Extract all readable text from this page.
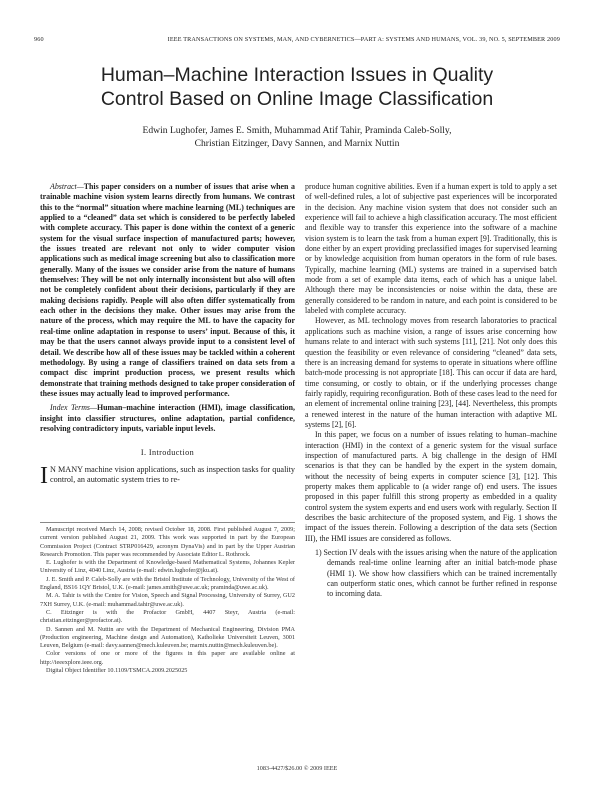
960	IEEE TRANSACTIONS ON SYSTEMS, MAN, AND CYBERNETICS—PART A: SYSTEMS AND HUMANS, VOL. 39, NO. 5, SEPTEMBER 2009
Human–Machine Interaction Issues in Quality
Control Based on Online Image Classification
Edwin Lughofer, James E. Smith, Muhammad Atif Tahir, Praminda Caleb-Solly,
Christian Eitzinger, Davy Sannen, and Marnix Nuttin

Abstract—This paper considers on a number of issues that arise when a trainable machine vision system learns directly from humans. We contrast this to the “normal” situation where machine learning (ML) techniques are applied to a “cleaned” data set which is considered to be perfectly labeled with complete accuracy. This paper is done within the context of a generic system for the visual surface inspection of manufactured parts; however, the issues treated are relevant not only to wider computer vision applications such as medical image screening but also to classification more generally. Many of the issues we consider arise from the nature of humans themselves: They will be not only internally inconsistent but also will often not be completely confident about their decisions, particularly if they are making decisions rapidly. People will also often differ systematically from each other in the decisions they make. Other issues may arise from the nature of the process, which may require the ML to have the capacity for real-time online adaptation in response to users’ input. Because of this, it may be that the users cannot always provide input to a consistent level of detail. We describe how all of these issues may be tackled within a coherent methodology. By using a range of classifiers trained on data sets from a compact disc imprint production process, we present results which demonstrate that training methods designed to take proper consideration of these issues may actually lead to improved performance.

Index Terms—Human–machine interaction (HMI), image classification, insight into classifier structures, online adaptation, partial confidence, resolving contradictory inputs, variable input levels.

I. Introduction

I N MANY machine vision applications, such as inspection tasks for quality control, an automatic system tries to re-

Manuscript received March 14, 2008; revised October 18, 2008. First published August 7, 2009; current version published August 21, 2009. This work was supported in part by the European Commission Project (Contract STRP016429, acronym DynaVis) and in part by the Upper Austrian Research Promotion. This paper was recommended by Associate Editor L. Rothrock.

E. Lughofer is with the Department of Knowledge-based Mathematical Systems, Johannes Kepler University of Linz, 4040 Linz, Austria (e-mail: edwin.lughofer@jku.at).

J. E. Smith and P. Caleb-Solly are with the Bristol Institute of Technology, University of the West of England, BS16 1QY Bristol, U.K. (e-mail: james.smith@uwe.ac.uk; praminda@uwe.ac.uk).

M. A. Tahir is with the Centre for Vision, Speech and Signal Processing, University of Surrey, GU2 7XH Surrey, U.K. (e-mail: muhammad.tahir@uwe.ac.uk).

C. Eitzinger is with the Profactor GmbH, 4407 Steyr, Austria (e-mail: christian.eitzinger@profactor.at).

D. Sannen and M. Nuttin are with the Department of Mechanical Engineering, Division PMA (Production engineering, Machine design and Automation), Katholieke Universiteit Leuven, 3001 Leuven, Belgium (e-mail: davy.sannen@mech.kuleuven.be; marnix.nuttin@mech.kuleuven.be).

Color versions of one or more of the figures in this paper are available online at http://ieeexplore.ieee.org.

Digital Object Identifier 10.1109/TSMCA.2009.2025025

produce human cognitive abilities. Even if a human expert is told to apply a set of well-defined rules, a lot of subjective past experiences will be incorporated in the decision. Any machine vision system that does not consider such an experience will fail to achieve a high classification accuracy. The most efficient and flexible way to transfer this experience into the software of a machine vision system is to learn the task from a human expert [9]. Traditionally, this is done either by an expert providing preclassified images for supervised learning or by knowledge acquisition from human operators in the form of rule bases. Typically, machine learning (ML) systems are trained in a supervised batch mode from a set of example data items, each of which has a unique label. Although there may be inconsistencies or noise within the data, these are generally considered to be random in nature, and each point is considered to be labeled with complete accuracy.

However, as ML technology moves from research laboratories to practical applications such as machine vision, a range of issues arise concerning how humans relate to and interact with such systems [11], [21]. Not only does this question the feasibility or even relevance of considering “cleaned” data sets, there is an increasing demand for systems to operate in situations where offline batch-mode processing is not appropriate [18]. This can occur if data are hard, time consuming, or costly to obtain, or if the underlying processes change fairly rapidly, requiring reconfiguration. Both of these cases lead to the need for an element of incremental online training [23], [44]. Nevertheless, this prompts a renewed interest in the nature of the human interaction with adaptive ML systems [2], [6].

In this paper, we focus on a number of issues relating to human–machine interaction (HMI) in the context of a generic system for the visual surface inspection of manufactured parts. A big challenge in the design of HMI scenarios is that they can be handled by the expert in the system domain, without the necessity of being experts in computer science [3], [12]. This property makes them applicable to (a wider range of) end users. The issues proposed in this paper fulfill this strong property as embedded in a quality control system the system experts and end users work with regularly. Section II describes the basic architecture of the proposed system, and Fig. 1 shows the impact of the issues therein. Following a description of the data sets (Section III), the HMI issues are considered as follows.

1) Section IV deals with the issues arising when the nature of the application demands real-time online learning after an initial batch-mode phase (HMI 1). We show how classifiers which can be trained incrementally can outperform static ones, which cannot be further refined in response to incoming data.

1083-4427/$26.00 © 2009 IEEE
